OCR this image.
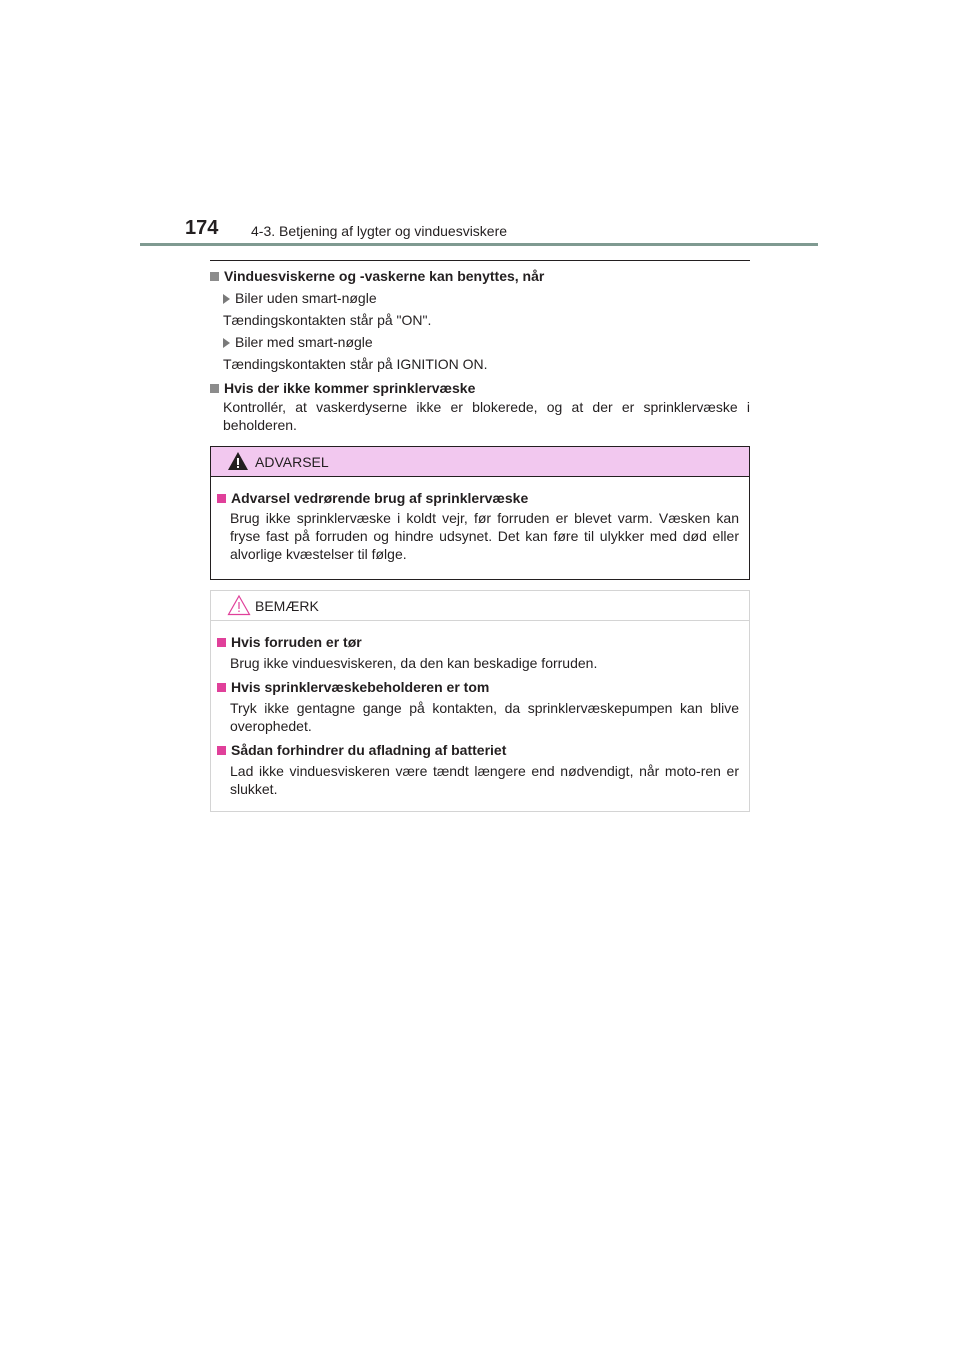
174 4-3. Betjening af lygter og vinduesviskere
Vinduesviskerne og -vaskerne kan benyttes, når
Biler uden smart-nøgle
Tændingskontakten står på "ON".
Biler med smart-nøgle
Tændingskontakten står på IGNITION ON.
Hvis der ikke kommer sprinklervæske
Kontrollér, at vaskerdyserne ikke er blokerede, og at der er sprinklervæske i beholderen.
ADVARSEL
Advarsel vedrørende brug af sprinklervæske
Brug ikke sprinklervæske i koldt vejr, før forruden er blevet varm. Væsken kan fryse fast på forruden og hindre udsynet. Det kan føre til ulykker med død eller alvorlige kvæstelser til følge.
BEMÆRK
Hvis forruden er tør
Brug ikke vinduesviskeren, da den kan beskadige forruden.
Hvis sprinklervæskebeholderen er tom
Tryk ikke gentagne gange på kontakten, da sprinklervæskepumpen kan blive overophedet.
Sådan forhindrer du afladning af batteriet
Lad ikke vinduesviskeren være tændt længere end nødvendigt, når moto-ren er slukket.
